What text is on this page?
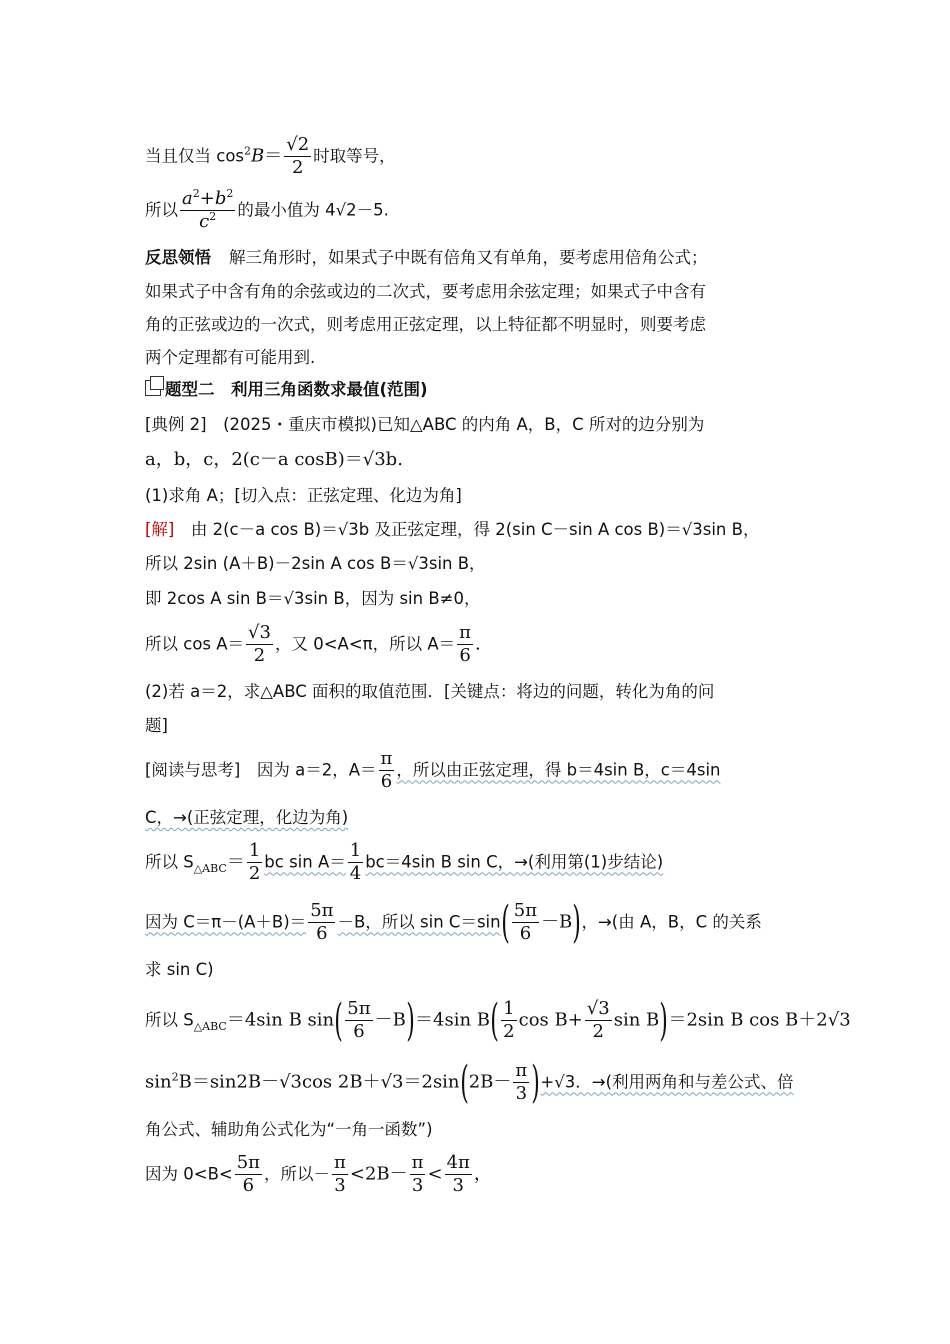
当且仅当 $\cos^2B= \frac{√2}{2}$ 时取等号，
所以 $\frac{a^2+b^2}{c^2}$ 的最小值为 4√2－5.
反思领悟　 解三角形时，如果式子中既有倍角又有单角，要考虑用倍角公式；
如果式子中含有角的余弦或边的二次式，要考虑用余弦定理；如果式子中含有
角的正弦或边的一次式，则考虑用正弦定理，以上特征都不明显时，则要考虑
两个定理都有可能用到.
题型二　利用三角函数求最值(范围)
[典例 2]　(2025・重庆市模拟)已知△ABC 的内角 A，B，C 所对的边分别为
a，b，c，2(c－a cosB)＝√3b.
(1)求角 A；[切入点：正弦定理、化边为角]
[解]　由 2(c－a cos B)＝√3b 及正弦定理，得 2(sin C－sin A cos B)＝√3sin B，
所以 2sin (A＋B)－2sin A cos B＝√3sin B，
即 2cos A sin B＝√3sin B，因为 sin B≠0，
所以 $\cos A= \frac{√3}{2}$ ，又 0<A<π，所以 $A= \frac{\pi}{6}$ .
(2)若 a＝2，求△ABC 面积的取值范围．[关键点：将边的问题，转化为角的问
题]
[阅读与思考]　因为 a＝2，$A= \frac{\pi}{6}$ ，所以由正弦定理，得 b＝4sin B，c＝4sin
C，→(正弦定理，化边为角)
所以 $S_{\triangle ABC}= \frac{1}{2}$ bc $\sin A= \frac{1}{4} bc=4\sin$ B sin C，→(利用第(1)步结论)
因为 $C=\pi-(A+B)= \frac{5\pi}{6} -B$，所以 $\sin C=\sin( \frac{5\pi}{6} -B)$，→(由 A，B，C 的关系
求 sin C)
所以 $S_{\triangle ABC}=4\sin$ B $\sin( \frac{5\pi}{6} -B)=4\sin$ $B( \frac{1}{2}$ $\cos B+ \frac{√3}{2}$ sin B)＝2sin B cos B＋2√3
$\sin^2B=\sin 2B-√3\cos$ $2B+√3=2\sin(2B- \frac{\pi}{3} )+√3$．→(利用两角和与差公式、倍
角公式、辅助角公式化为“一角一函数”)
因为 $0<B< \frac{5\pi}{6}$ ，所以－ $\frac{\pi}{3} <2B- \frac{\pi}{3} < \frac{4\pi}{3}$ ，
